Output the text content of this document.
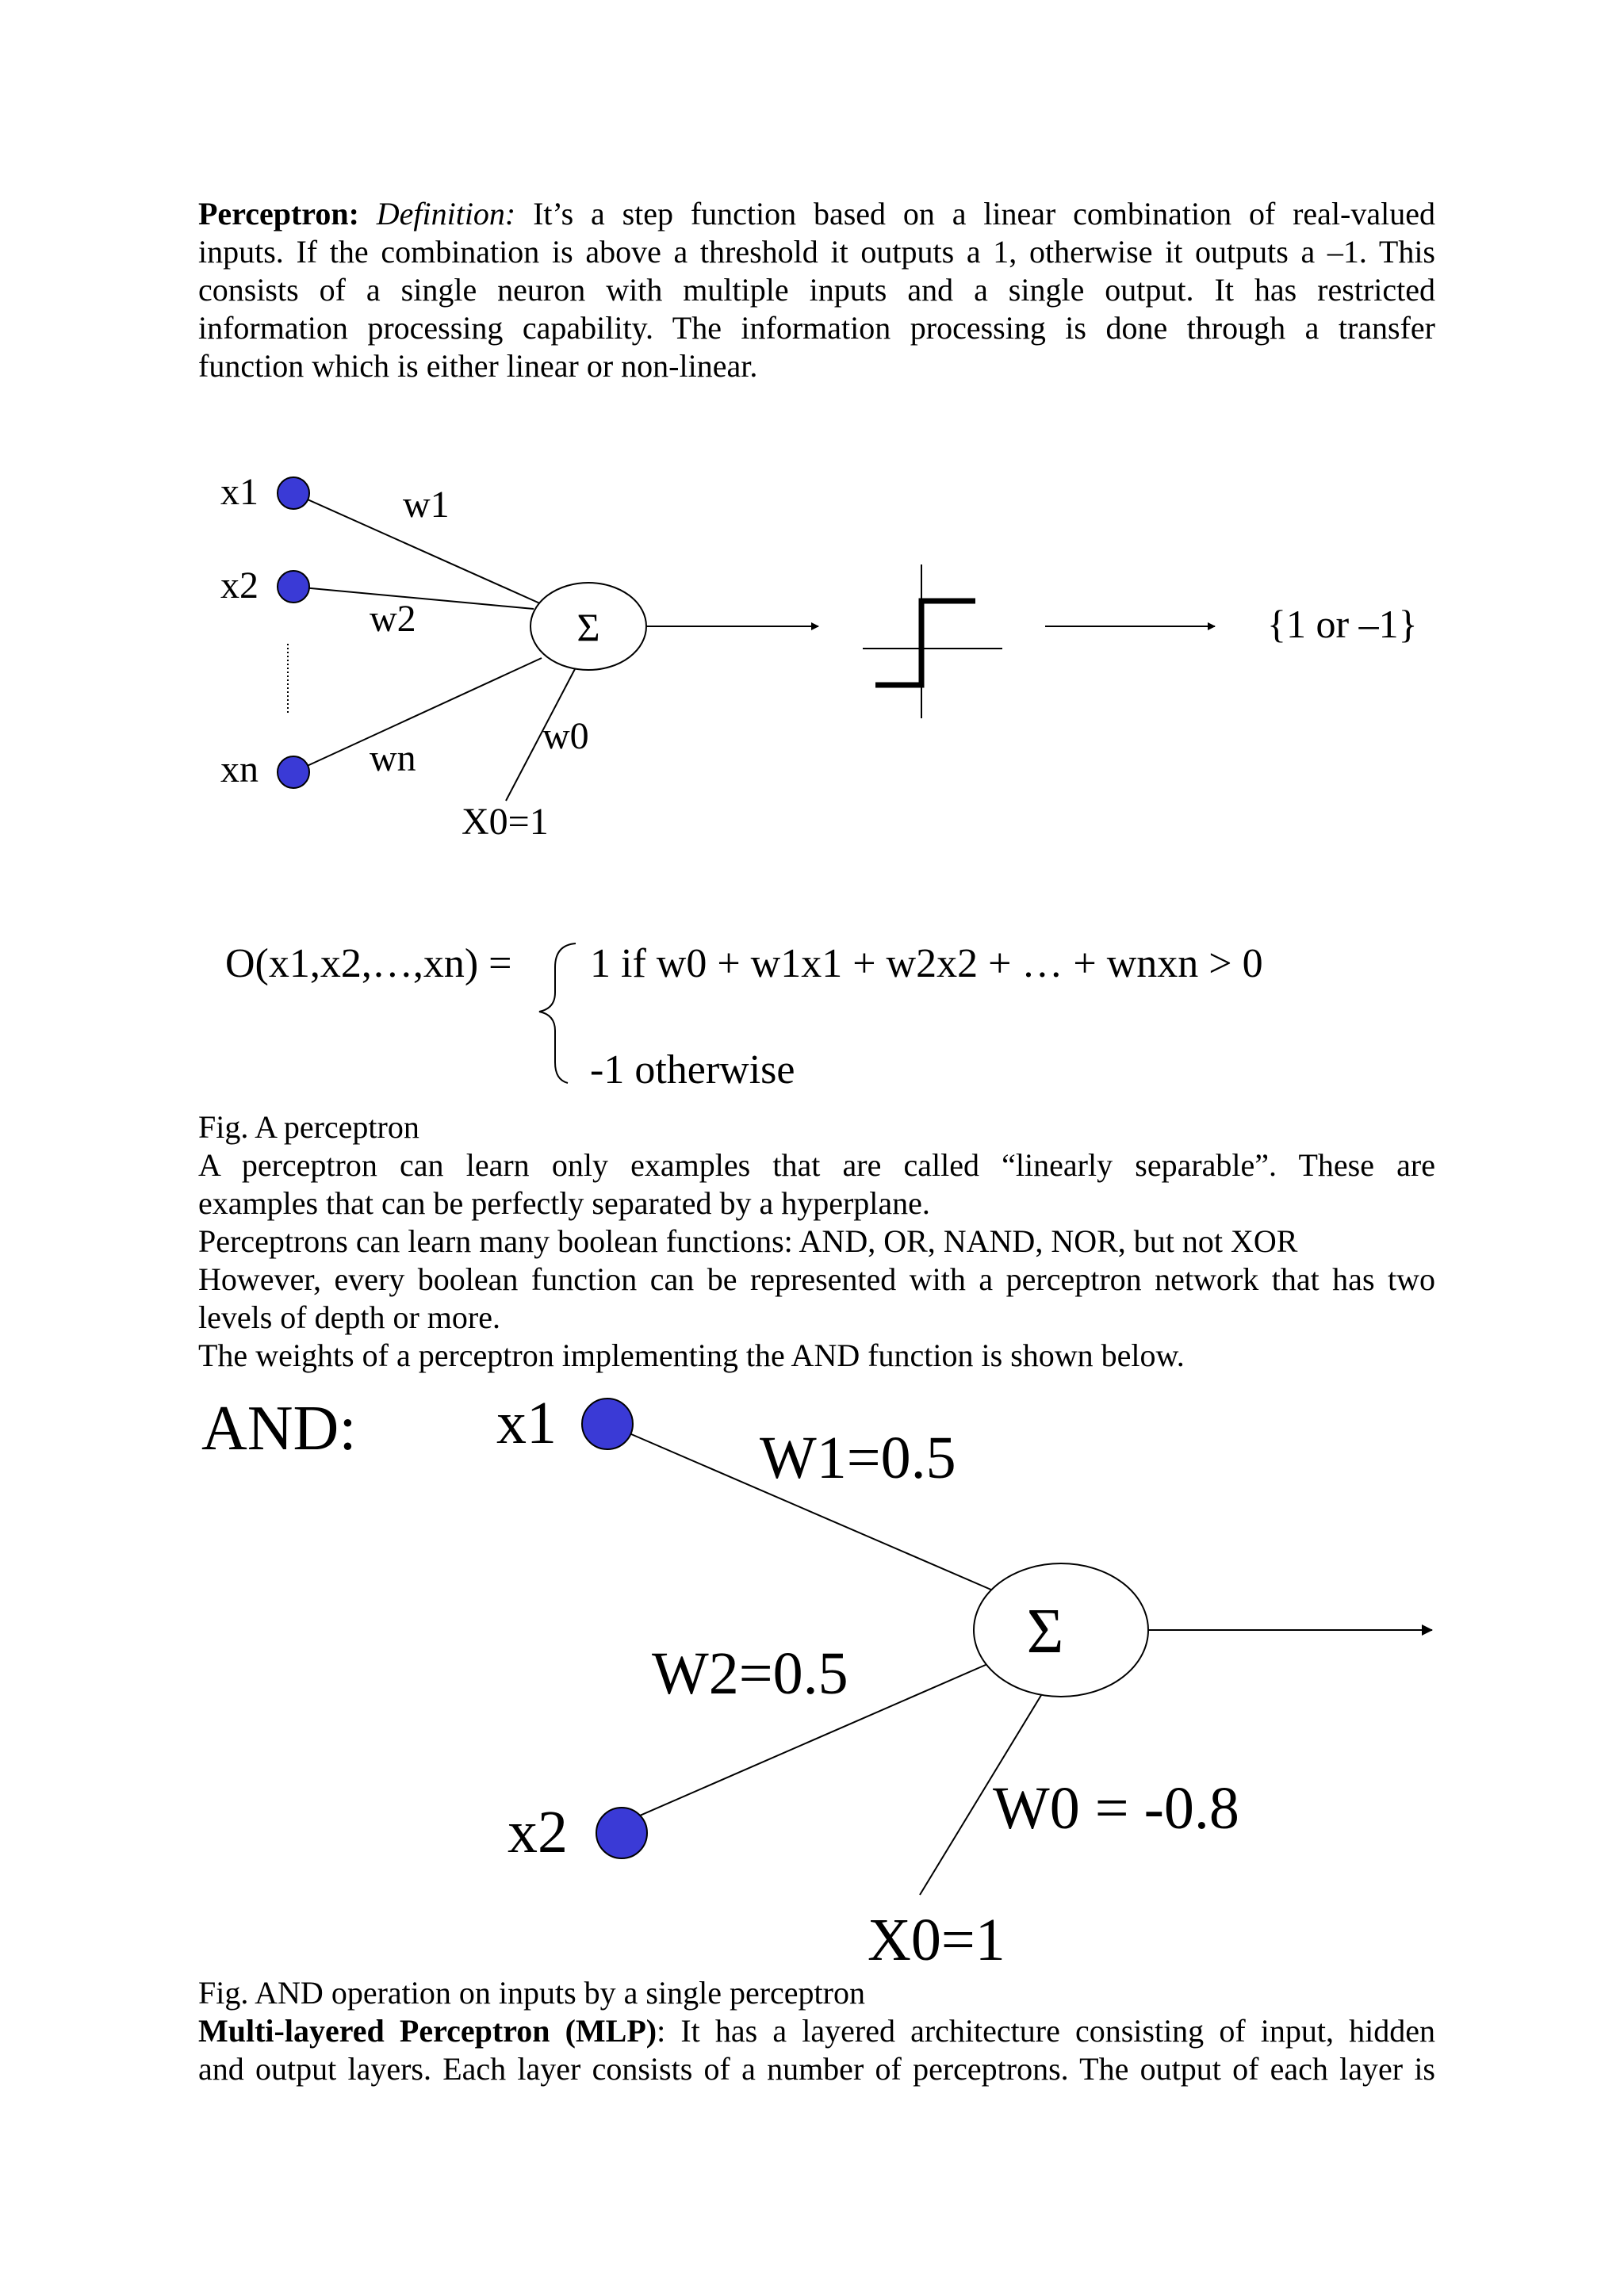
Perceptron: Definition: It’s a step function based on a linear combination of real-valued
inputs. If the combination is above a threshold it outputs a 1, otherwise it outputs a –1. This
consists of a single neuron with multiple inputs and a single output. It has restricted
information processing capability. The information processing is done through a transfer
function which is either linear or non-linear.
Σ
x1
x2
xn
w1
w2
wn
w0
X0=1
{1 or –1}
O(x1,x2,…,xn) = 1 if w0 + w1x1 + w2x2 + … + wnxn > 0
-1 otherwise
Fig. A perceptron
A perceptron can learn only examples that are called “linearly separable”. These are
examples that can be perfectly separated by a hyperplane.
Perceptrons can learn many boolean functions: AND, OR, NAND, NOR, but not XOR
However, every boolean function can be represented with a perceptron network that has two
levels of depth or more.
The weights of a perceptron implementing the AND function is shown below.
Σ
AND: x1
x2
W1=0.5
W2=0.5
W0 = -0.8
X0=1
Fig. AND operation on inputs by a single perceptron
Multi-layered Perceptron (MLP): It has a layered architecture consisting of input, hidden
and output layers. Each layer consists of a number of perceptrons. The output of each layer is
